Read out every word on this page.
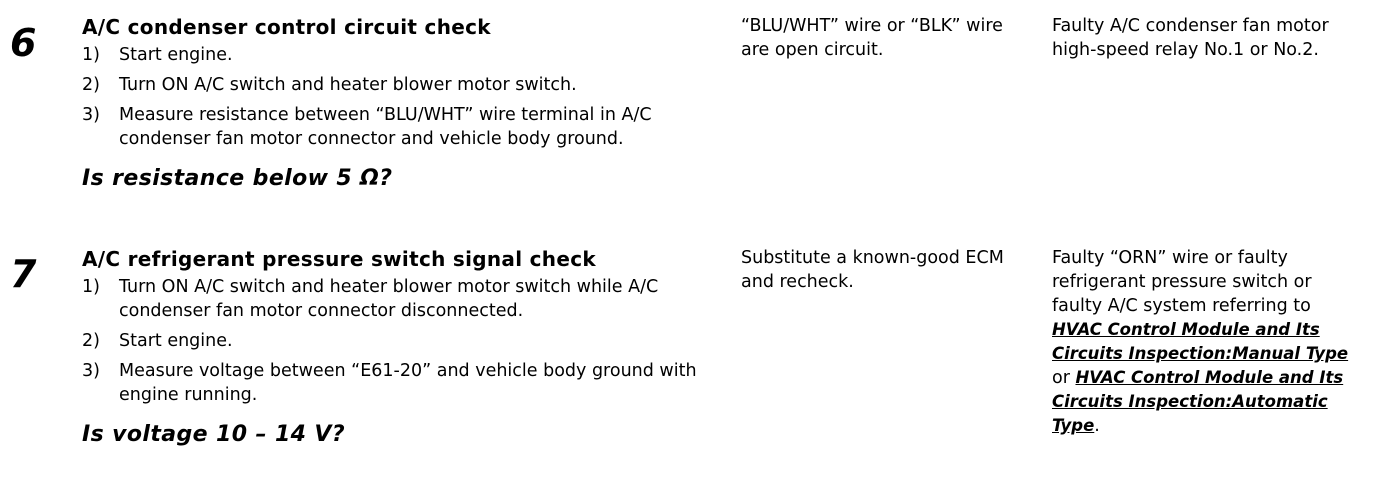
6 A/C condenser control circuit check
1) Start engine.
2) Turn ON A/C switch and heater blower motor switch.
3) Measure resistance between “BLU/WHT” wire terminal in A/C condenser fan motor connector and vehicle body ground.
Is resistance below 5 Ω?
“BLU/WHT” wire or “BLK” wire are open circuit.
Faulty A/C condenser fan motor high-speed relay No.1 or No.2.
7 A/C refrigerant pressure switch signal check
1) Turn ON A/C switch and heater blower motor switch while A/C condenser fan motor connector disconnected.
2) Start engine.
3) Measure voltage between “E61-20” and vehicle body ground with engine running.
Is voltage 10 – 14 V?
Substitute a known-good ECM and recheck.
Faulty “ORN” wire or faulty refrigerant pressure switch or faulty A/C system referring to HVAC Control Module and Its Circuits Inspection:Manual Type or HVAC Control Module and Its Circuits Inspection:Automatic Type.
